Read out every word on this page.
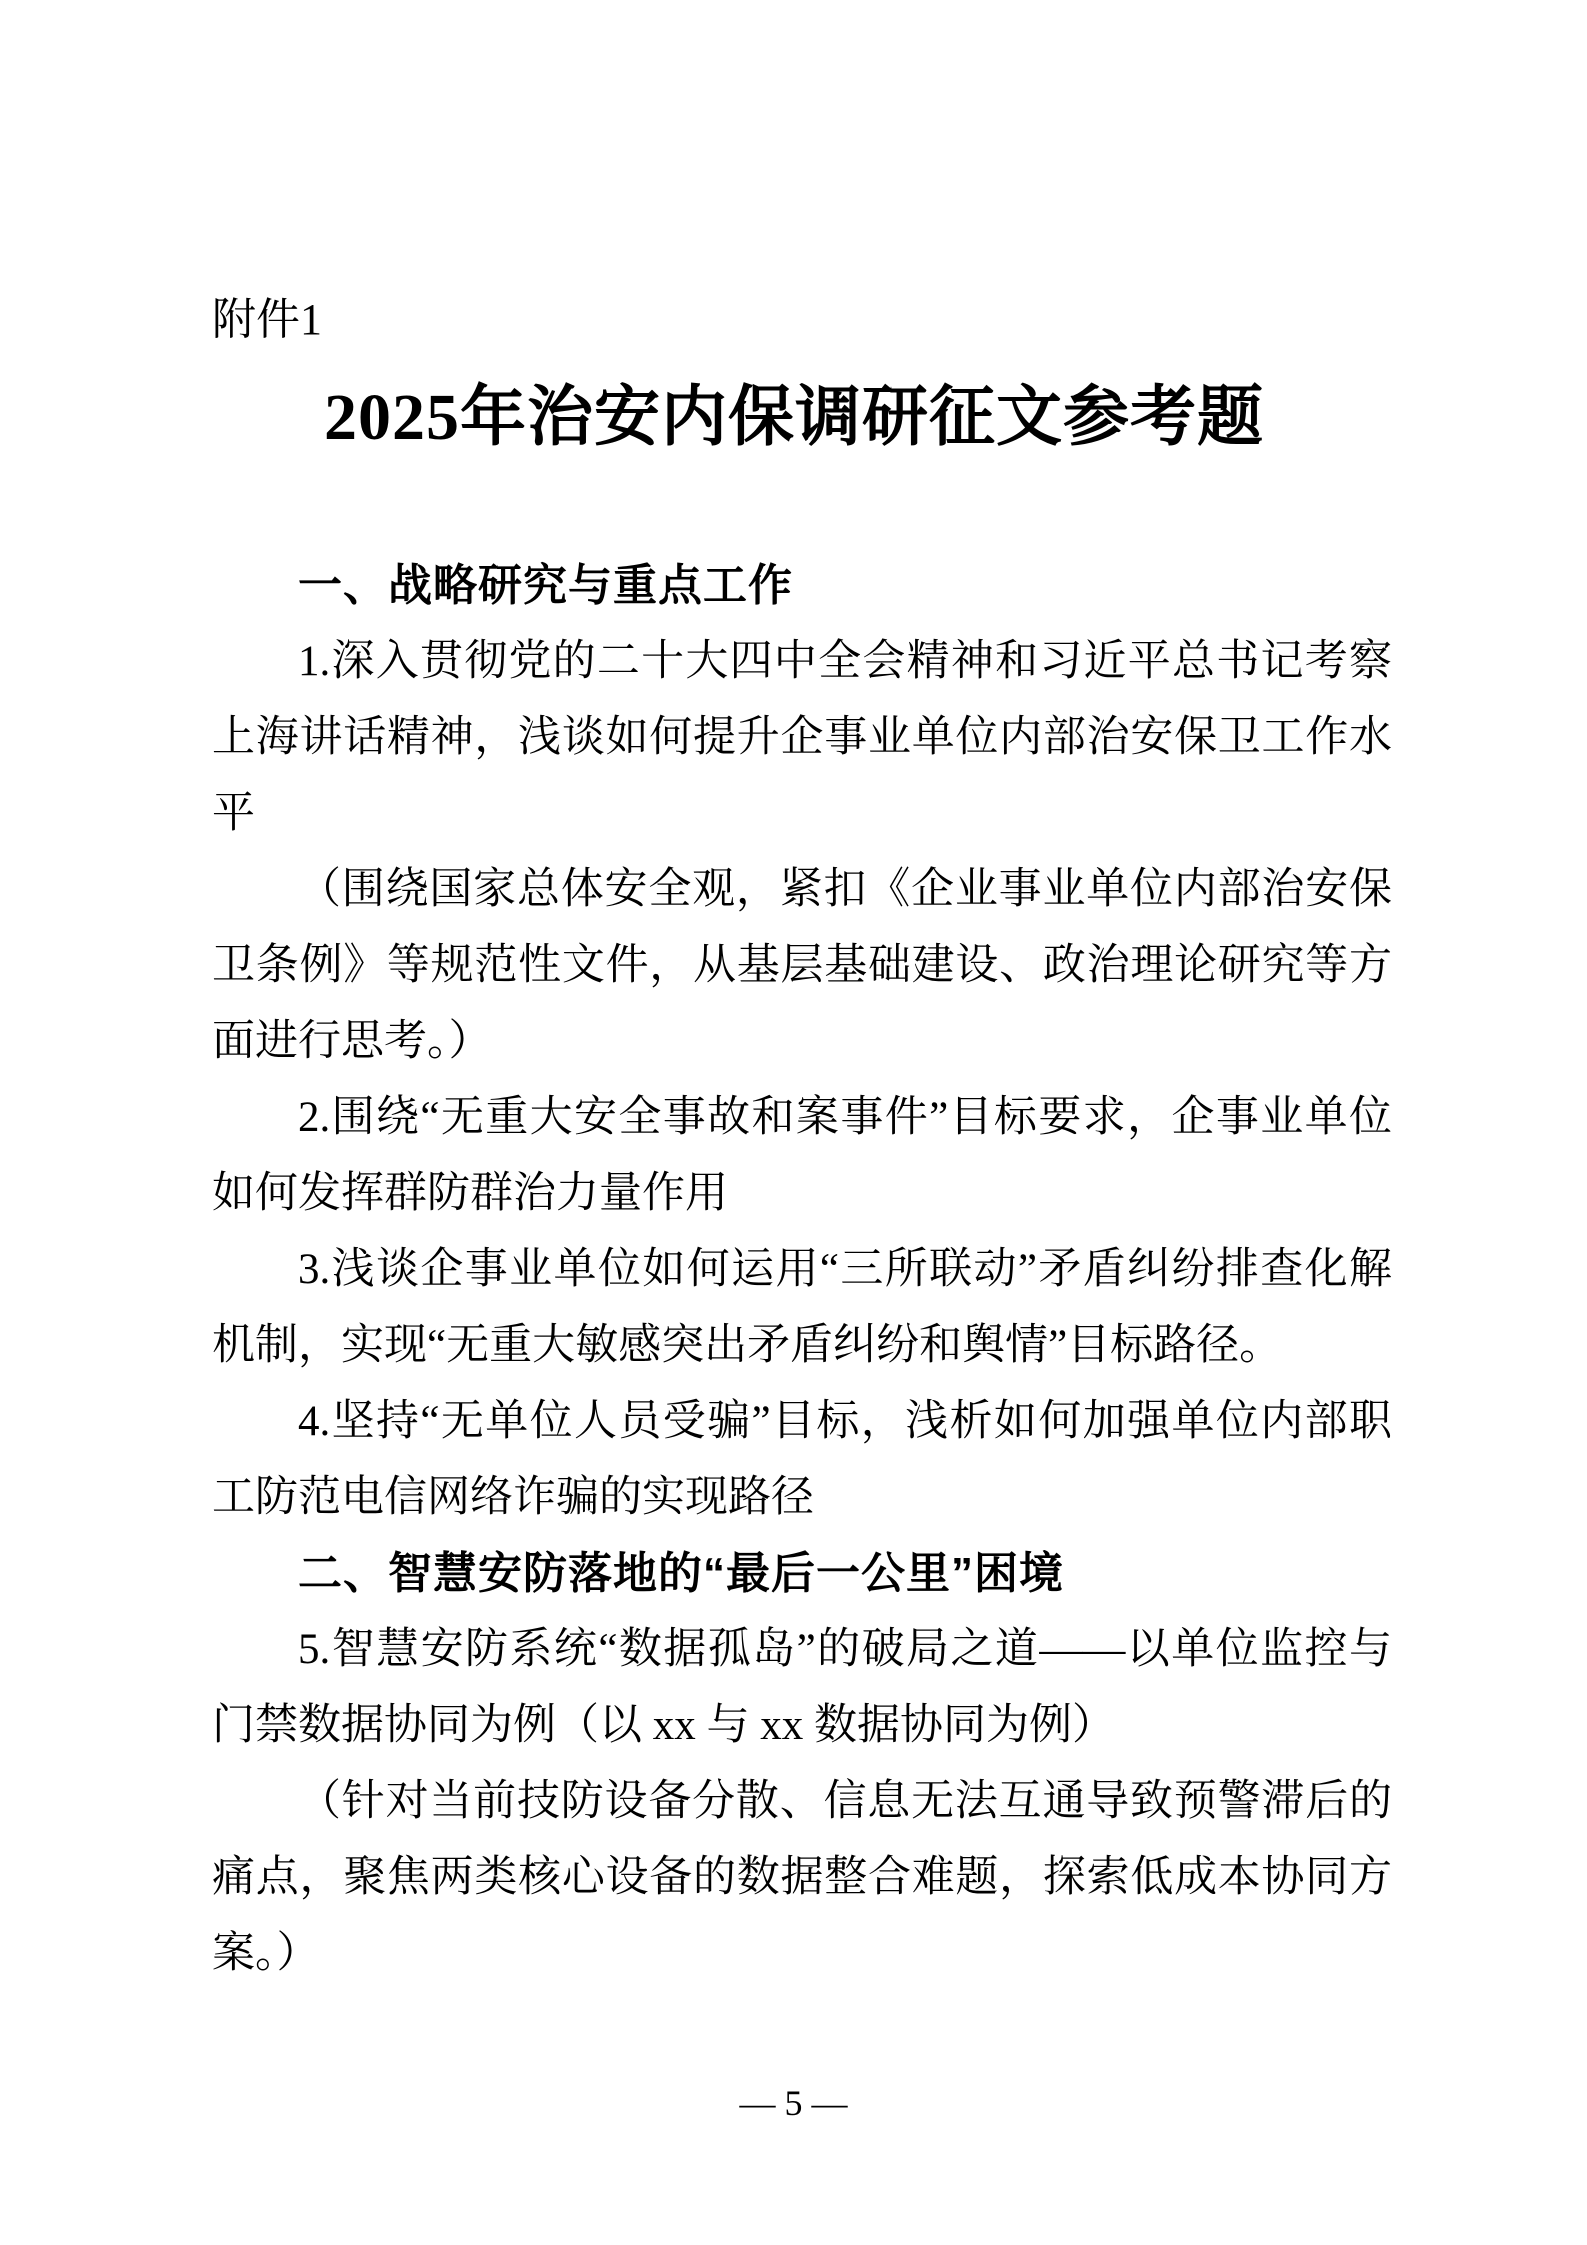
附件1
2025年治安内保调研征文参考题
一、战略研究与重点工作
1.深入贯彻党的二十大四中全会精神和习近平总书记考察
上海讲话精神，浅谈如何提升企事业单位内部治安保卫工作水
平
（围绕国家总体安全观，紧扣《企业事业单位内部治安保
卫条例》等规范性文件，从基层基础建设、政治理论研究等方
面进行思考。）
2.围绕“无重大安全事故和案事件”目标要求，企事业单位
如何发挥群防群治力量作用
3.浅谈企事业单位如何运用“三所联动”矛盾纠纷排查化解
机制，实现“无重大敏感突出矛盾纠纷和舆情”目标路径。
4.坚持“无单位人员受骗”目标，浅析如何加强单位内部职
工防范电信网络诈骗的实现路径
二、智慧安防落地的“最后一公里”困境
5.智慧安防系统“数据孤岛”的破局之道——以单位监控与
门禁数据协同为例（以 xx 与 xx 数据协同为例）
（针对当前技防设备分散、信息无法互通导致预警滞后的
痛点，聚焦两类核心设备的数据整合难题，探索低成本协同方
案。）
— 5 —
